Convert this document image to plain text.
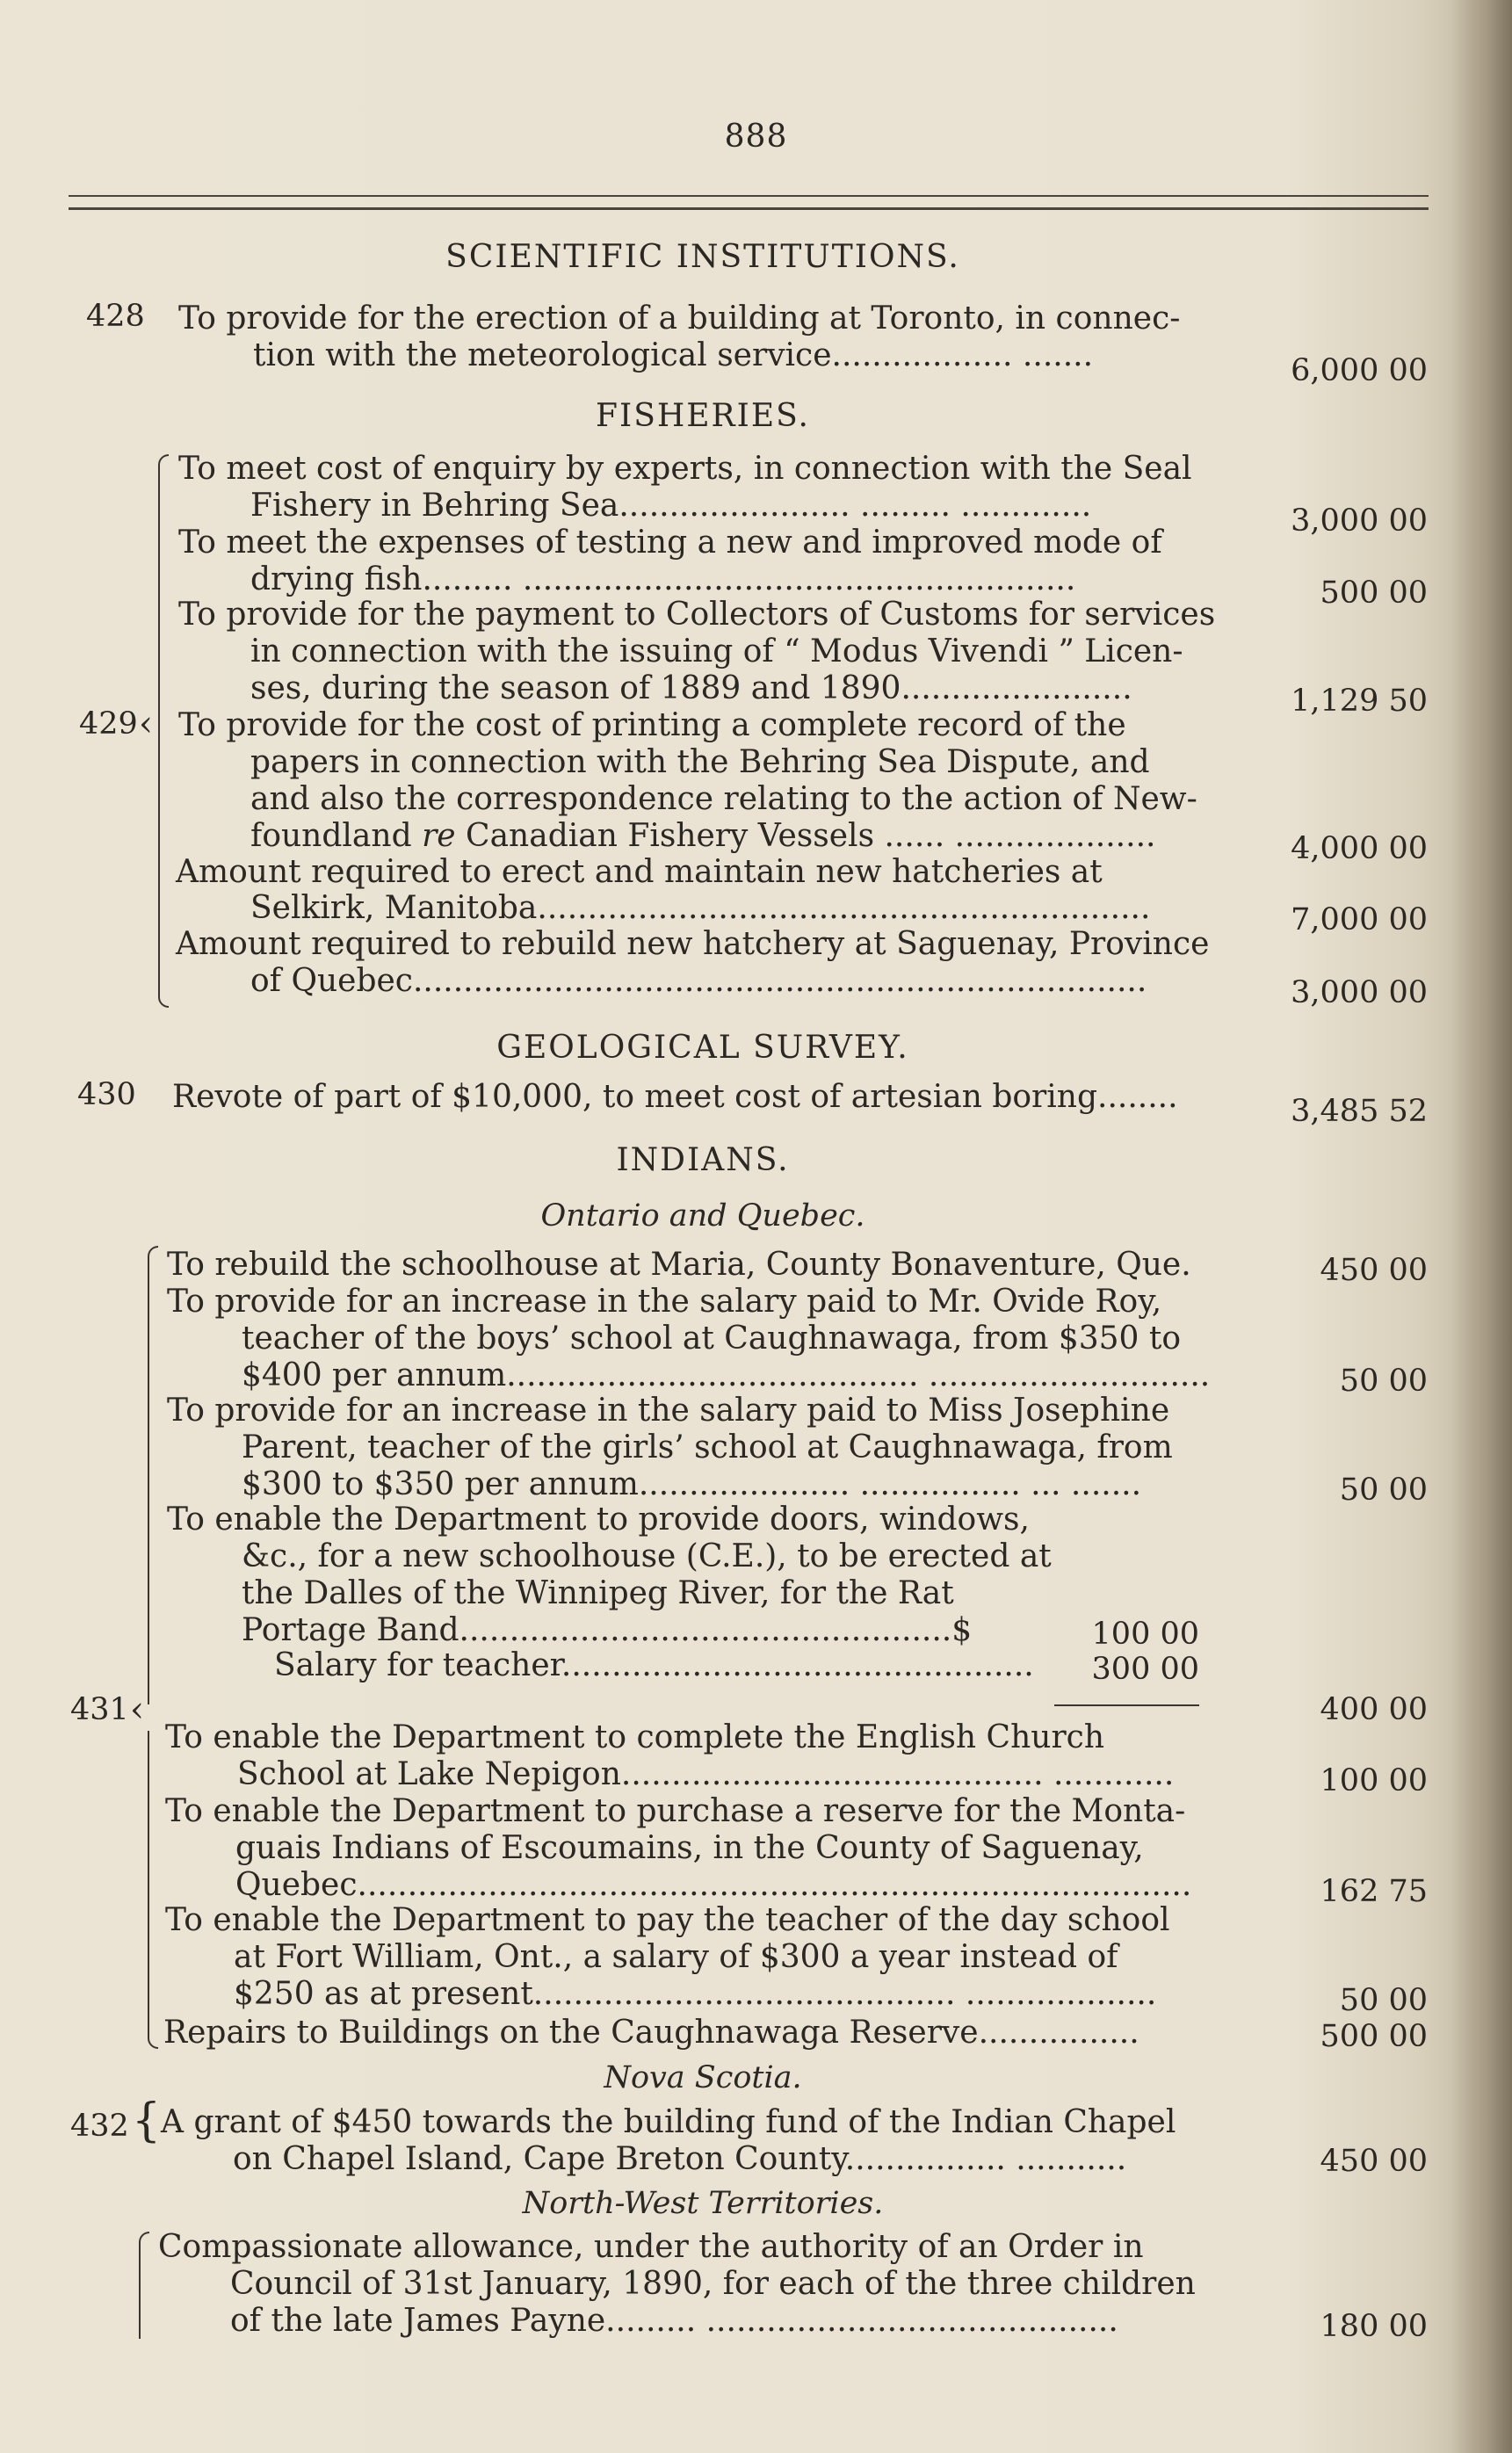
888
SCIENTIFIC INSTITUTIONS.
428 To provide for the erection of a building at Toronto, in connec-
tion with the meteorological service.................. .......	6,000 00
FISHERIES.
429 ‹
To meet cost of enquiry by experts, in connection with the Seal
Fishery in Behring Sea....................... ......... .............	3,000 00
To meet the expenses of testing a new and improved mode of
drying fish......... .......................................................	500 00
To provide for the payment to Collectors of Customs for services
in connection with the issuing of “ Modus Vivendi ” Licen-
ses, during the season of 1889 and 1890.......................	1,129 50
To provide for the cost of printing a complete record of the
papers in connection with the Behring Sea Dispute, and
and also the correspondence relating to the action of New-
foundland re Canadian Fishery Vessels ...... ....................	4,000 00
Amount required to erect and maintain new hatcheries at
Selkirk, Manitoba.............................................................	7,000 00
Amount required to rebuild new hatchery at Saguenay, Province
of Quebec.........................................................................	3,000 00
GEOLOGICAL SURVEY.
430 Revote of part of $10,000, to meet cost of artesian boring........	3,485 52
INDIANS.
Ontario and Quebec.
431 ‹
To rebuild the schoolhouse at Maria, County Bonaventure, Que.	450 00
To provide for an increase in the salary paid to Mr. Ovide Roy,
teacher of the boys’ school at Caughnawaga, from $350 to
$400 per annum......................................... ............................	50 00
To provide for an increase in the salary paid to Miss Josephine
Parent, teacher of the girls’ school at Caughnawaga, from
$300 to $350 per annum..................... ................ ... .......	50 00
To enable the Department to provide doors, windows,
&c., for a new schoolhouse (C.E.), to be erected at
the Dalles of the Winnipeg River, for the Rat
Portage Band.................................................$	100 00
Salary for teacher...............................................	300 00
400 00
To enable the Department to complete the English Church
School at Lake Nepigon.......................................... ............	100 00
To enable the Department to purchase a reserve for the Monta-
guais Indians of Escoumains, in the County of Saguenay,
Quebec...................................................................................	162 75
To enable the Department to pay the teacher of the day school
at Fort William, Ont., a salary of $300 a year instead of
$250 as at present.......................................... ...................	50 00
Repairs to Buildings on the Caughnawaga Reserve................	500 00
Nova Scotia.
432 { A grant of $450 towards the building fund of the Indian Chapel
on Chapel Island, Cape Breton County................ ...........	450 00
North-West Territories.
Compassionate allowance, under the authority of an Order in
Council of 31st January, 1890, for each of the three children
of the late James Payne......... .........................................	180 00
